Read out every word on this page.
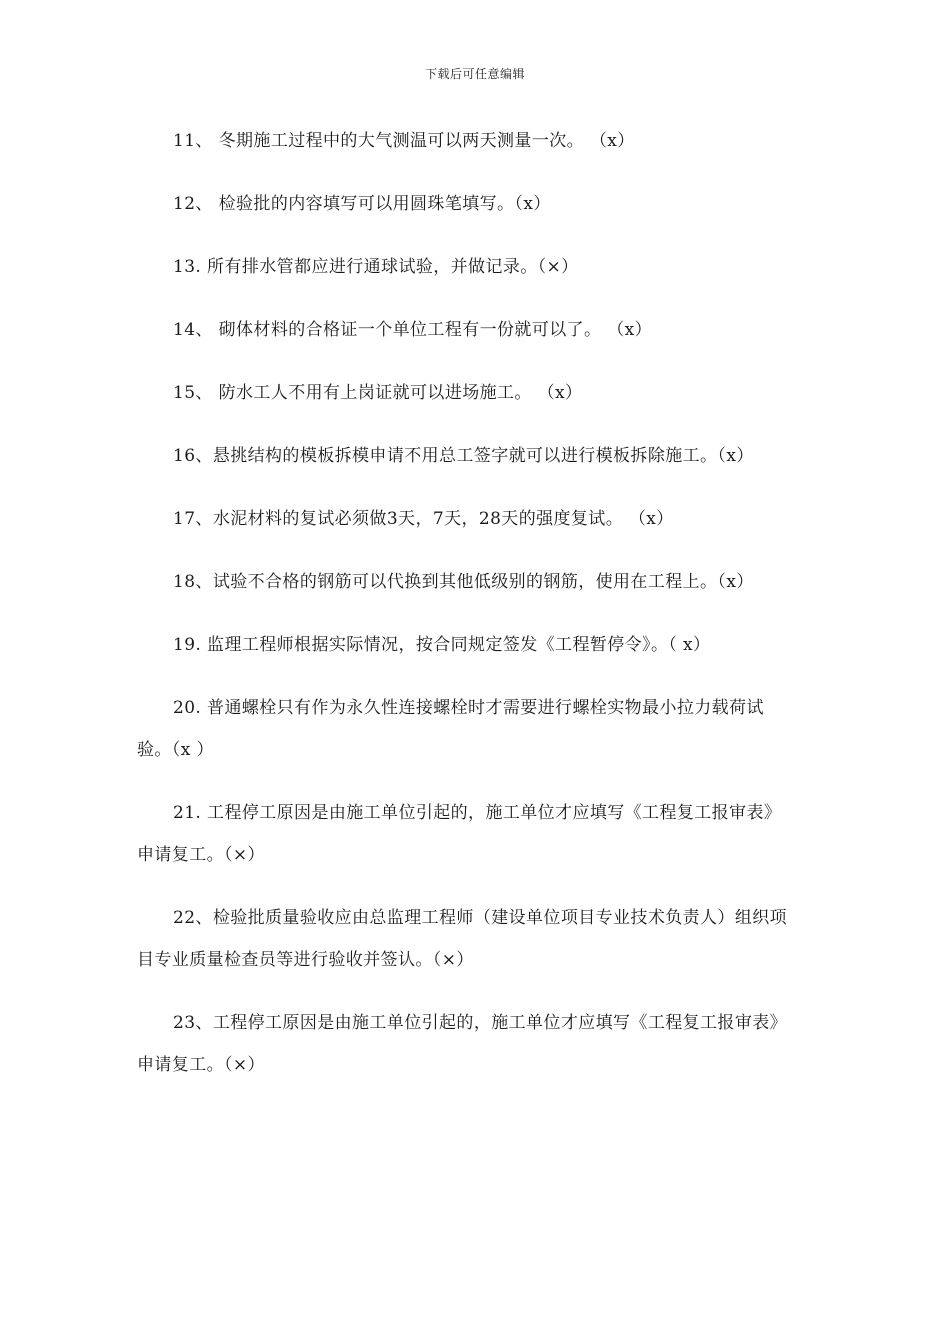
下载后可任意编辑

11、 冬期施工过程中的大气测温可以两天测量一次。 （x）

12、 检验批的内容填写可以用圆珠笔填写。（x）

13. 所有排水管都应进行通球试验，并做记录。（×）

14、 砌体材料的合格证一个单位工程有一份就可以了。 （x）

15、 防水工人不用有上岗证就可以进场施工。 （x）

16、悬挑结构的模板拆模申请不用总工签字就可以进行模板拆除施工。（x）

17、水泥材料的复试必须做3天，7天，28天的强度复试。 （x）

18、试验不合格的钢筋可以代换到其他低级别的钢筋，使用在工程上。（x）

19. 监理工程师根据实际情况，按合同规定签发《工程暂停令》。（ x）

20. 普通螺栓只有作为永久性连接螺栓时才需要进行螺栓实物最小拉力载荷试验。（x ）

21. 工程停工原因是由施工单位引起的，施工单位才应填写《工程复工报审表》申请复工。（×）

22、检验批质量验收应由总监理工程师（建设单位项目专业技术负责人）组织项目专业质量检查员等进行验收并签认。（×）

23、工程停工原因是由施工单位引起的，施工单位才应填写《工程复工报审表》申请复工。（×）
